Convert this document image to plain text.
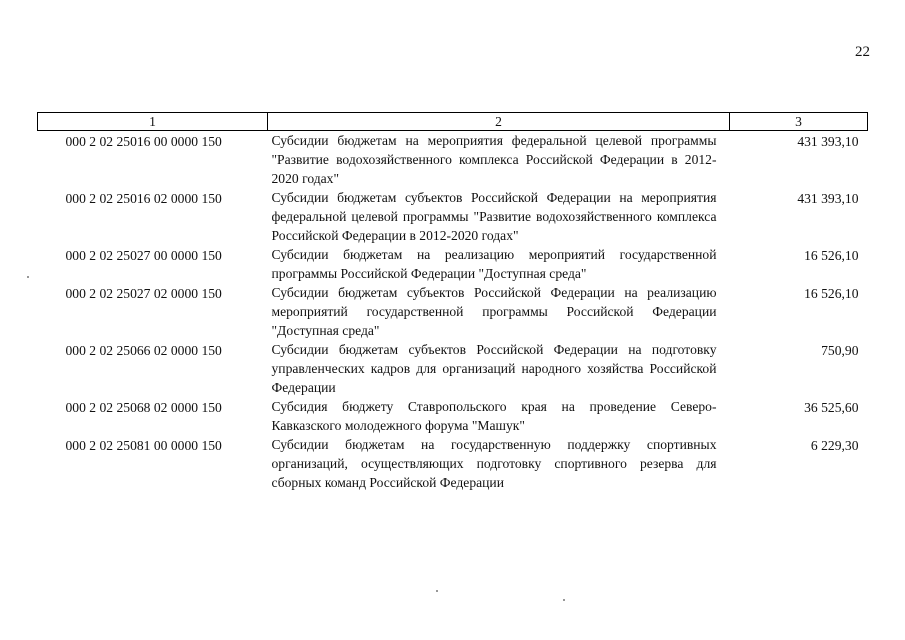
22
1	2	3
000 2 02 25016 00 0000 150	Субсидии бюджетам на мероприятия федеральной целевой программы "Развитие водохозяйственного комплекса Российской Федерации в 2012-2020 годах"	431 393,10
000 2 02 25016 02 0000 150	Субсидии бюджетам субъектов Российской Федерации на мероприятия федеральной целевой программы "Развитие водохозяйственного комплекса Российской Федерации в 2012-2020 годах"	431 393,10
000 2 02 25027 00 0000 150	Субсидии бюджетам на реализацию мероприятий государственной программы Российской Федерации "Доступная среда"	16 526,10
000 2 02 25027 02 0000 150	Субсидии бюджетам субъектов Российской Федерации на реализацию мероприятий государственной программы Российской Федерации "Доступная среда"	16 526,10
000 2 02 25066 02 0000 150	Субсидии бюджетам субъектов Российской Федерации на подготовку управленческих кадров для организаций народного хозяйства Российской Федерации	750,90
000 2 02 25068 02 0000 150	Субсидия бюджету Ставропольского края на проведение Северо-Кавказского молодежного форума "Машук"	36 525,60
000 2 02 25081 00 0000 150	Субсидии бюджетам на государственную поддержку спортивных организаций, осуществляющих подготовку спортивного резерва для сборных команд Российской Федерации	6 229,30
